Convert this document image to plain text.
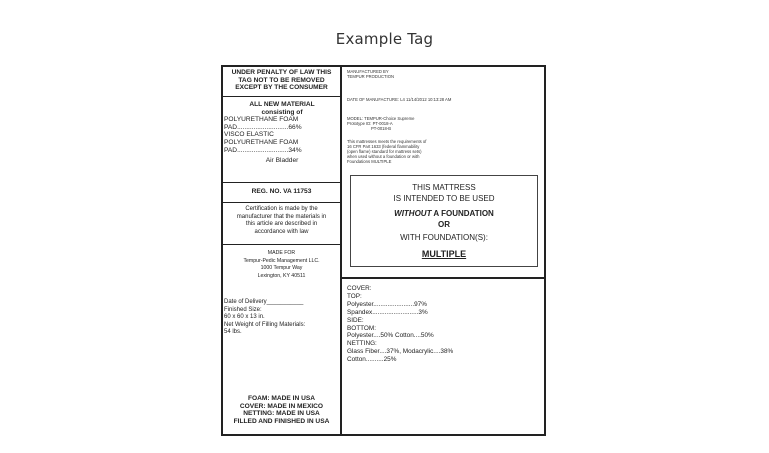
Example Tag
UNDER PENALTY OF LAW THIS
TAG NOT TO BE REMOVED
EXCEPT BY THE CONSUMER
ALL NEW MATERIAL
consisting of
POLYURETHANE FOAM
PAD............................66%
VISCO ELASTIC
POLYURETHANE FOAM
PAD............................34%
Air Bladder
REG. NO. VA 11753
Certification is made by the
manufacturer that the materials in
this article are described in
accordance with law
MADE FOR
Tempur-Pedic Management LLC.
1000 Tempur Way
Lexington, KY 40511
Date of Delivery___________
Finished Size:
60 x 60 x 13 in.
Net Weight of Filling Materials:
54 lbs.
FOAM: MADE IN USA
COVER: MADE IN MEXICO
NETTING: MADE IN USA
FILLED AND FINISHED IN USA
MANUFACTURED BY
TEMPUR PRODUCTION
DATE OF MANUFACTURE: L4 11/14/2012 10:13:28 AM
MODEL: TEMPUR-Choice Supreme
Prototype ID: PT-0018-A
PT-0018-B
This mattresses meets the requirements of
16 CFR Part 1633 (federal flammability
(open flame) standard for mattress sets)
when used without a foundation or with
Foundations MULTIPLE
THIS MATTRESS
IS INTENDED TO BE USED
WITHOUT A FOUNDATION
OR
WITH FOUNDATION(S):
MULTIPLE
COVER:
TOP:
Polyester.......................97%
Spandex..........................3%
SIDE:
BOTTOM:
Polyester....50% Cotton....50%
NETTING:
Glass Fiber....37%, Modacrylic....38%
Cotton..........25%
